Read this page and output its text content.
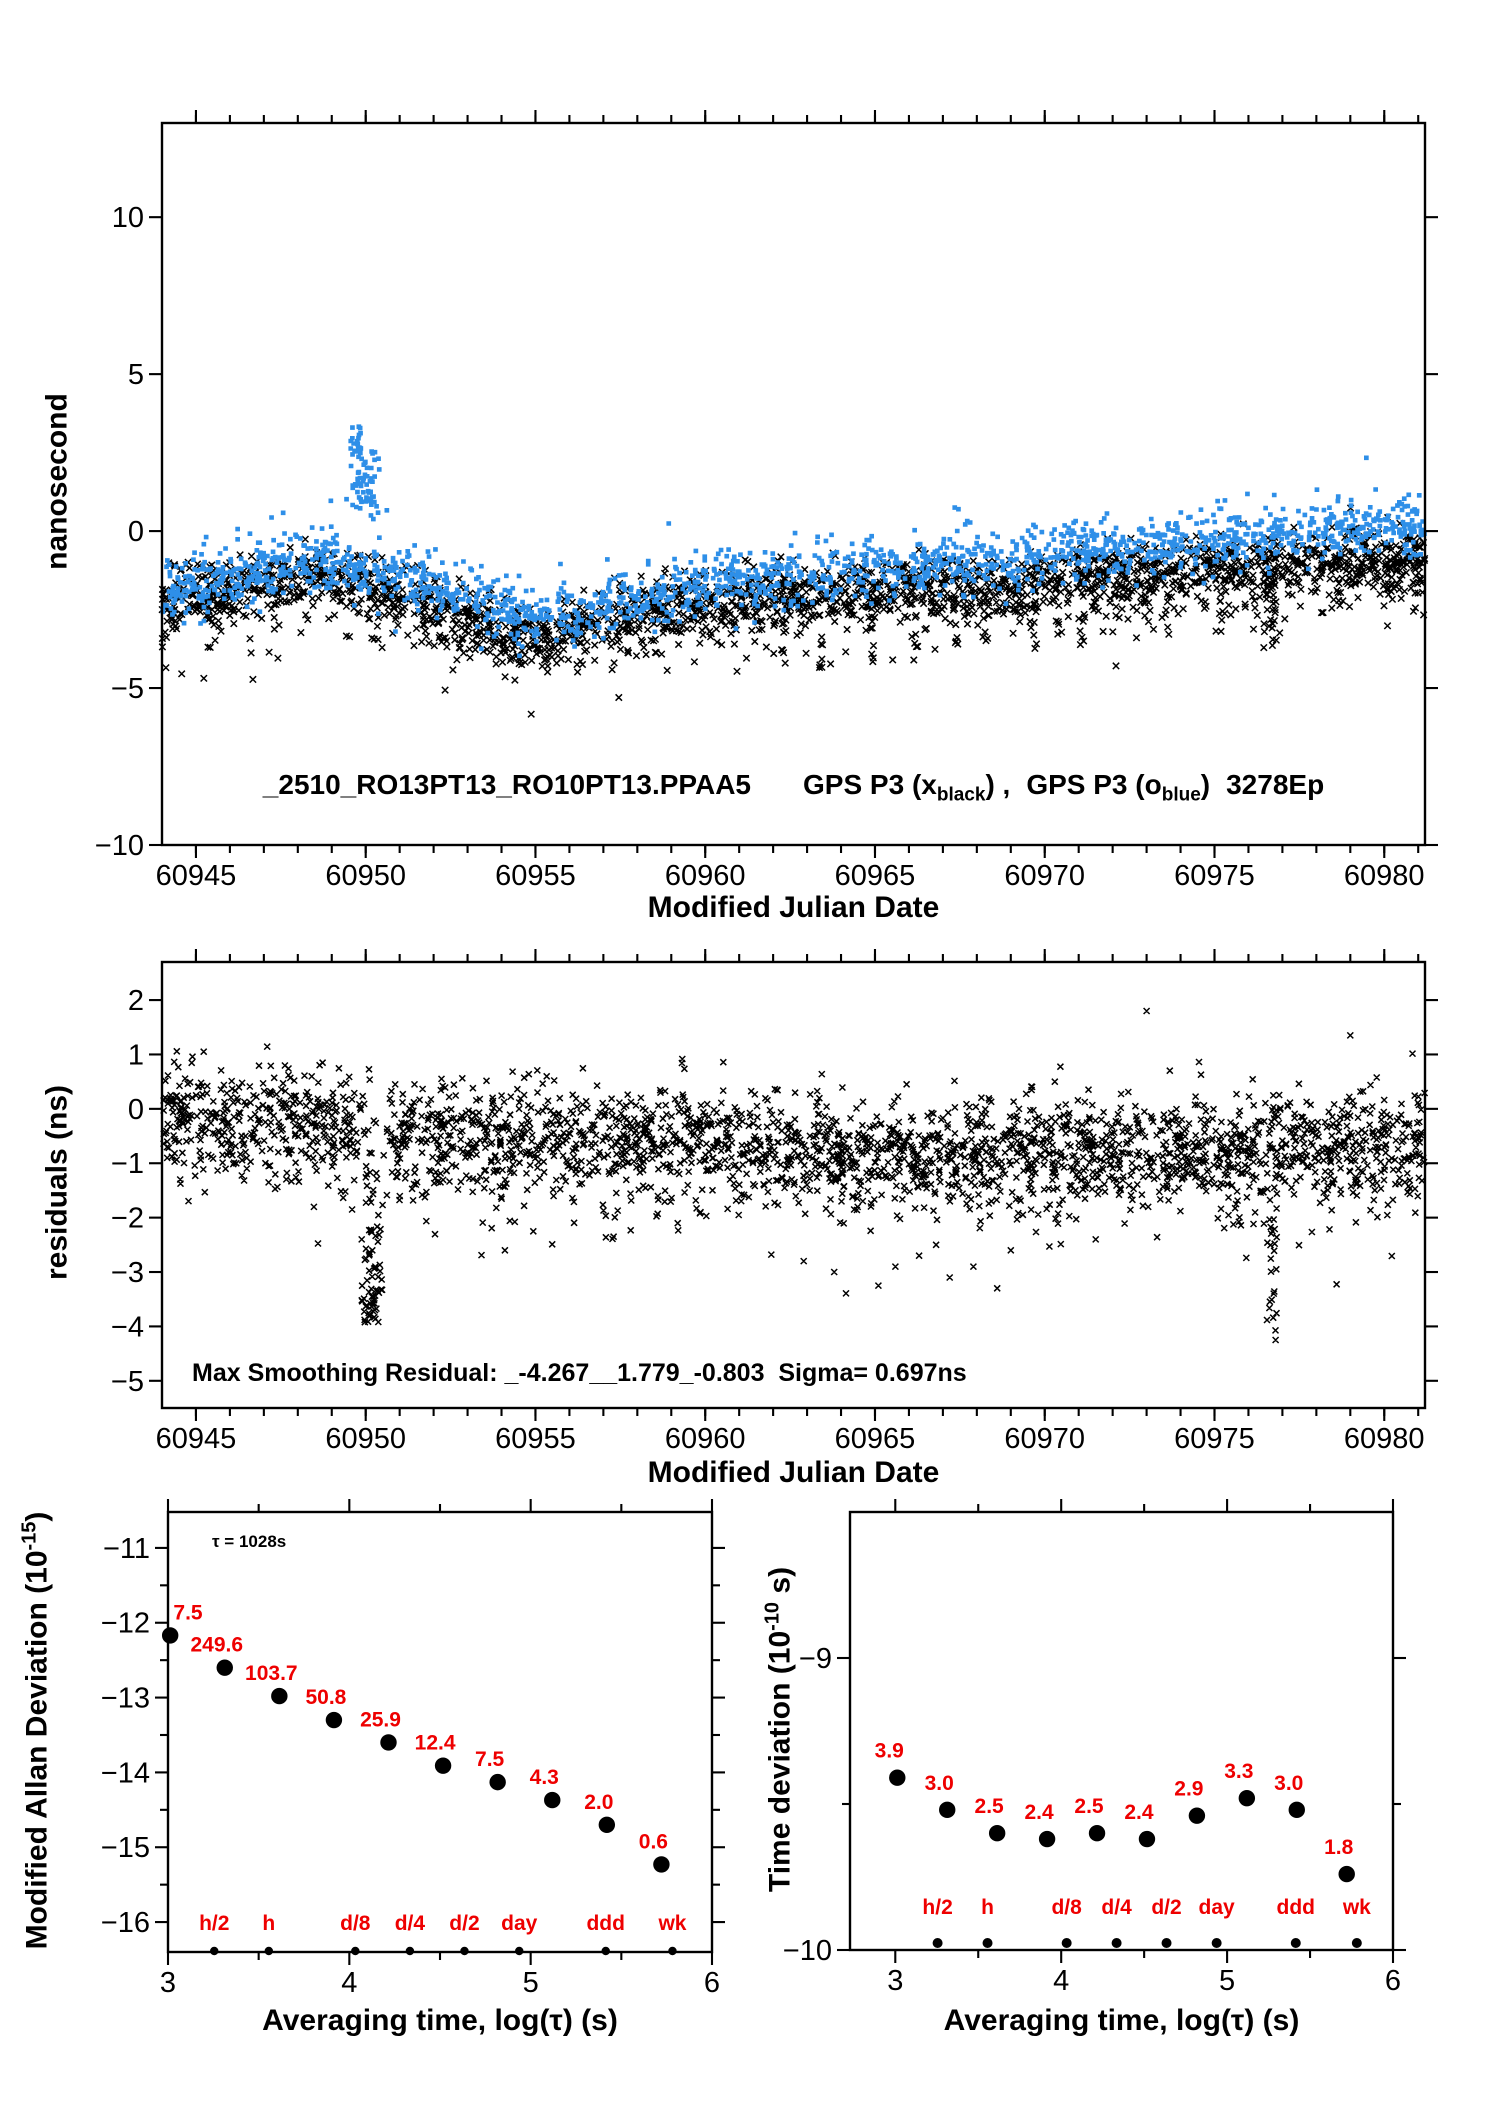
60945	60950	60955	60960	60965	60970	60975	60980
10
5
0
−5
−10
60945	60950	60955	60960	60965	60970	60975	60980
2
1
0
−1
−2
−3
−4
−5
3	4	5	6
−11
−12
−13
−14
−15
−16
3	4	5	6
−9
−10
h/2 h	d/8 d/4 d/2 day ddd wk
7.5
249.6
103.7
50.8
25.9
12.4
7.5
4.3
2.0
0.6
h/2 h	d/8 d/4 d/2 day ddd wk
3.9
3.0
2.5 2.4 2.5 2.4
2.9
3.3
3.0
1.8
_2510_RO13PT13_RO10PT13.PPAA5 GPS P3 $(x_{black})$ , GPS P3 $(o_{blue})$ 3278Ep
Max Smoothing Residual: _-4.267__1.779_-0.803  Sigma= 0.697ns
τ = 1028s
Modified Julian Date
Modified Julian Date
Averaging time, log(τ) (s)	Averaging time, log(τ) (s)
nanosecond
residuals (ns)
Modified Allan Deviation $(10^{-15})$
Time deviation ($10^{-10}$ s)
